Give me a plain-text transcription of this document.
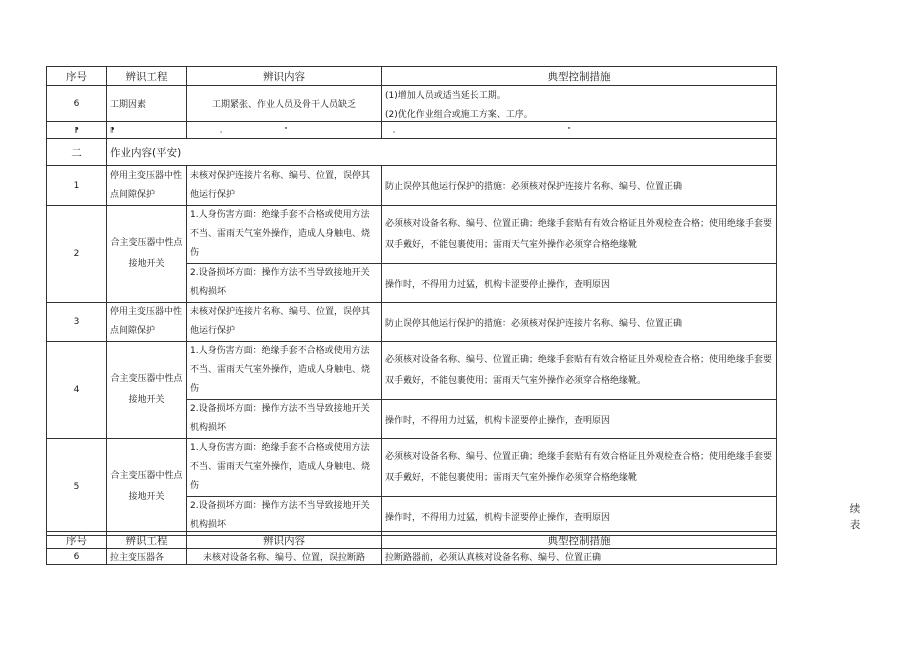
序号	辨识工程	辨识内容	典型控制措施
6	工期因素	工期紧张、作业人员及骨干人员缺乏	(1)增加人员或适当延长工期。
(2)优化作业组合或施工方案、工序。

⁋	⁋	, "	, "
二	作业内容(平安)		
1	停用主变压器中性点间隙保护	未核对保护连接片名称、编号、位置，误停其他运行保护	防止误停其他运行保护的措施：必须核对保护连接片名称、编号、位置正确
2	合主变压器中性点接地开关	1.人身伤害方面：绝缘手套不合格或使用方法不当、雷雨天气室外操作，造成人身触电、烧伤	必须核对设备名称、编号、位置正确；绝缘手套贴有有效合格证且外观检查合格；使用绝缘手套要双手戴好，不能包裹使用；雷雨天气室外操作必须穿合格绝缘靴
		2.设备损坏方面：操作方法不当导致接地开关机构损坏	操作时，不得用力过猛，机构卡涩要停止操作，查明原因
3	停用主变压器中性点间隙保护	未核对保护连接片名称、编号、位置，误停其他运行保护	防止误停其他运行保护的措施：必须核对保护连接片名称、编号、位置正确
4	合主变压器中性点接地开关	1.人身伤害方面：绝缘手套不合格或使用方法不当、雷雨天气室外操作，造成人身触电、烧伤	必须核对设备名称、编号、位置正确；绝缘手套贴有有效合格证且外观检查合格；使用绝缘手套要双手戴好，不能包裹使用；雷雨天气室外操作必须穿合格绝缘靴。
		2.设备损坏方面：操作方法不当导致接地开关机构损坏	操作时，不得用力过猛，机构卡涩要停止操作，查明原因
5	合主变压器中性点接地开关	1.人身伤害方面：绝缘手套不合格或使用方法不当、雷雨天气室外操作，造成人身触电、烧伤	必须核对设备名称、编号、位置正确；绝缘手套贴有有效合格证且外观检查合格；使用绝缘手套要双手戴好，不能包裹使用；雷雨天气室外操作必须穿合格绝缘靴
		2.设备损坏方面：操作方法不当导致接地开关机构损坏	操作时，不得用力过猛，机构卡涩要停止操作，查明原因
续
表
序号	辨识工程	辨识内容	典型控制措施
6	拉主变压器各	未核对设备名称、编号、位置，误拉断路	拉断路器前，必须认真核对设备名称、编号、位置正确
